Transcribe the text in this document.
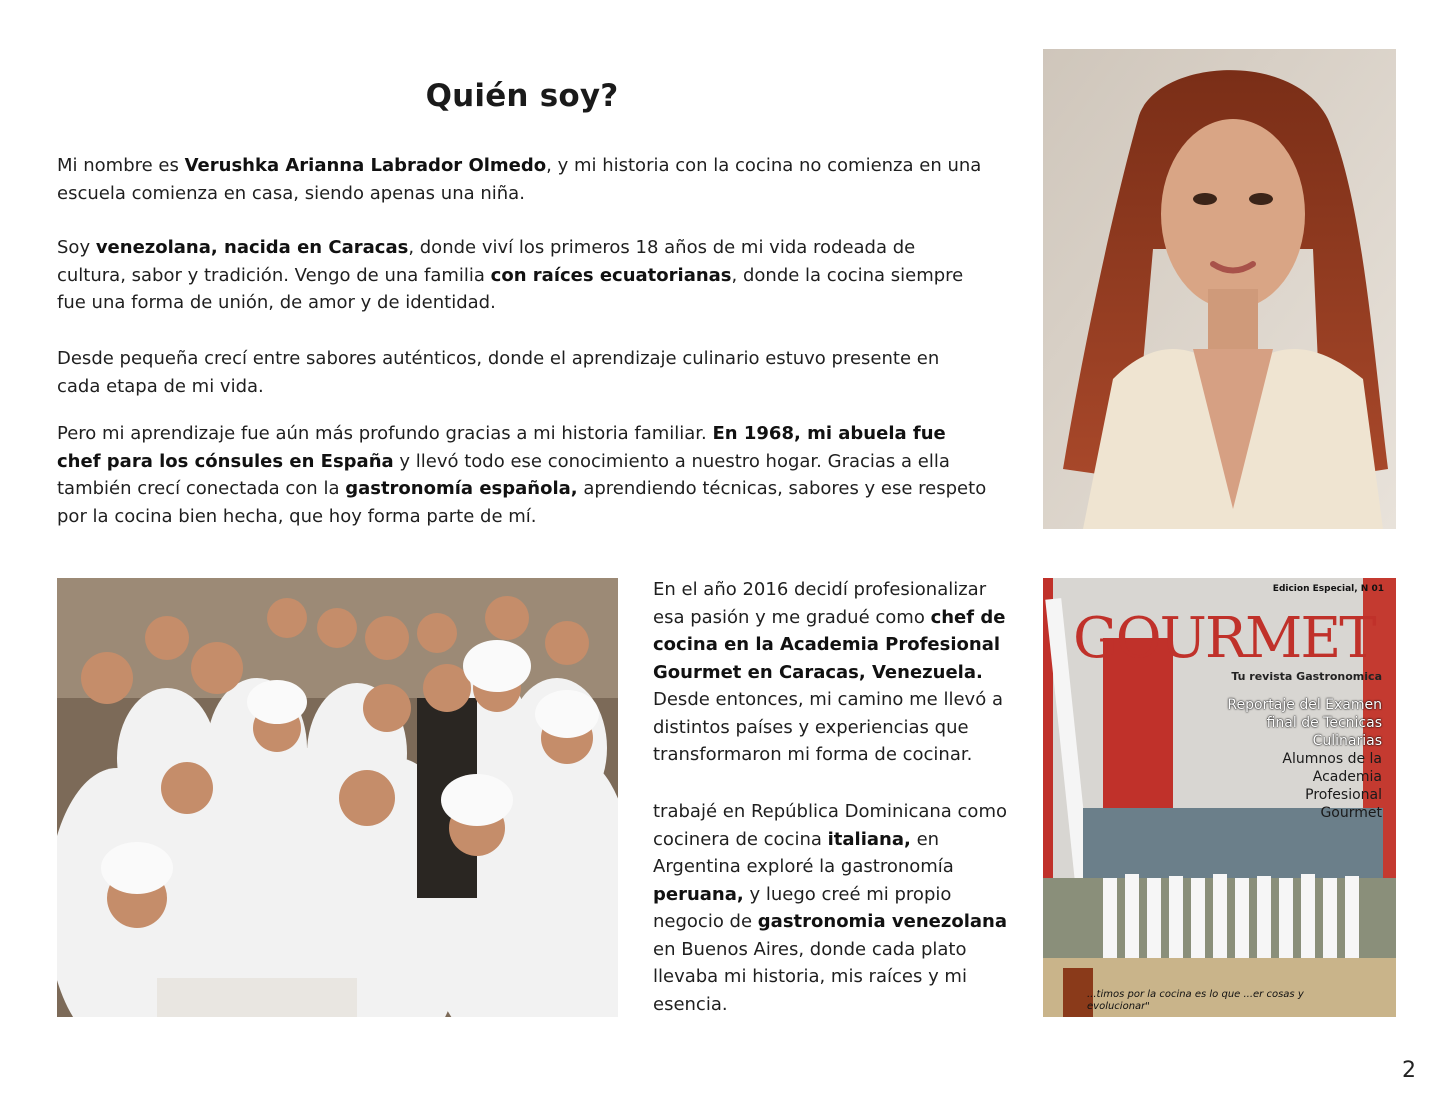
Quién soy?

Mi nombre es Verushka Arianna Labrador Olmedo, y mi historia con la cocina no comienza en una escuela comienza en casa, siendo apenas una niña.

Soy venezolana, nacida en Caracas, donde viví los primeros 18 años de mi vida rodeada de cultura, sabor y tradición. Vengo de una familia con raíces ecuatorianas, donde la cocina siempre fue una forma de unión, de amor y de identidad.

Desde pequeña crecí entre sabores auténticos, donde el aprendizaje culinario estuvo presente en cada etapa de mi vida.

Pero mi aprendizaje fue aún más profundo gracias a mi historia familiar. En 1968, mi abuela fue chef para los cónsules en España y llevó todo ese conocimiento a nuestro hogar. Gracias a ella también crecí conectada con la gastronomía española, aprendiendo técnicas, sabores y ese respeto por la cocina bien hecha, que hoy forma parte de mí.

En el año 2016 decidí profesionalizar esa pasión y me gradué como chef de cocina en la Academia Profesional Gourmet en Caracas, Venezuela. Desde entonces, mi camino me llevó a distintos países y experiencias que transformaron mi forma de cocinar.

trabajé en República Dominicana como cocinera de cocina italiana, en Argentina exploré la gastronomía peruana, y luego creé mi propio negocio de gastronomia venezolana en Buenos Aires, donde cada plato llevaba mi historia, mis raíces y mi esencia.

Edicion Especial, N 01
GOURMET
Tu revista Gastronomica
Reportaje del Examen
final de Tecnicas
Culinarias
Alumnos de la
Academia
Profesional
Gourmet
...timos por la cocina es lo que ...er cosas y evolucionar"
2
